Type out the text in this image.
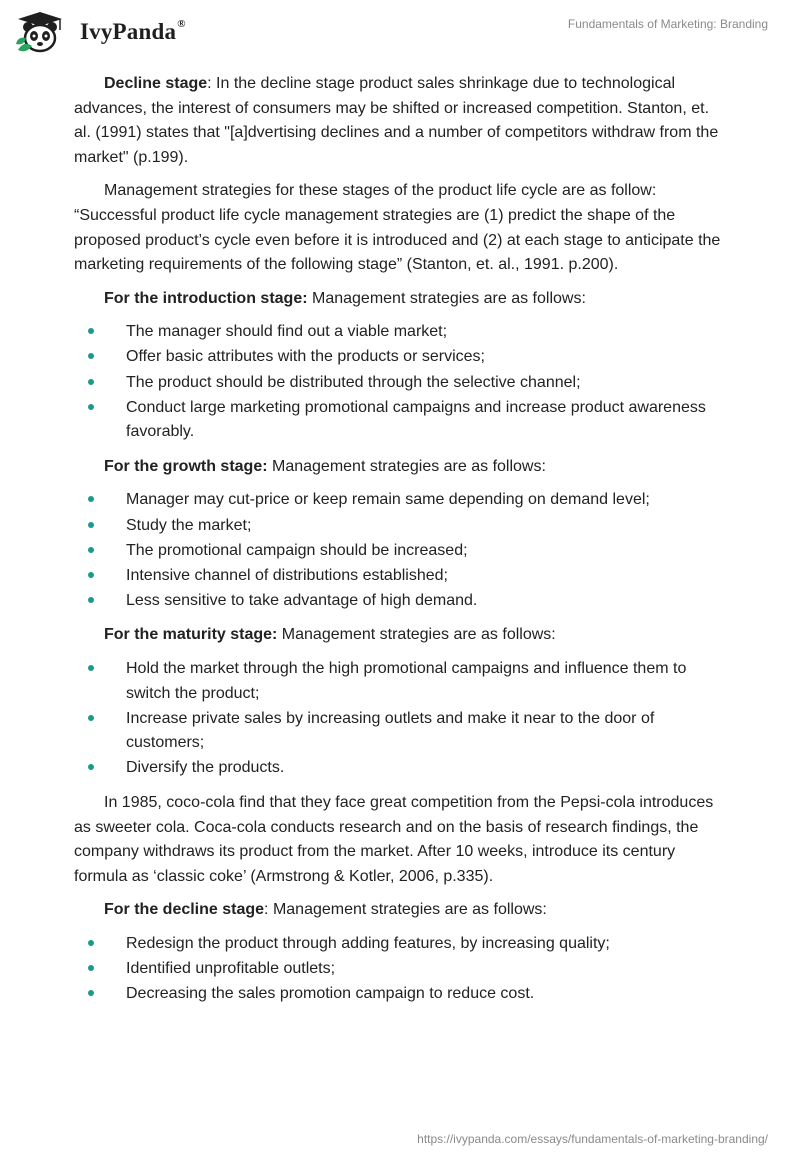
IvyPanda®	Fundamentals of Marketing: Branding

Decline stage: In the decline stage product sales shrinkage due to technological advances, the interest of consumers may be shifted or increased competition. Stanton, et. al. (1991) states that "[a]dvertising declines and a number of competitors withdraw from the market" (p.199).

Management strategies for these stages of the product life cycle are as follow: “Successful product life cycle management strategies are (1) predict the shape of the proposed product’s cycle even before it is introduced and (2) at each stage to anticipate the marketing requirements of the following stage” (Stanton, et. al., 1991. p.200).

For the introduction stage: Management strategies are as follows:

The manager should find out a viable market;
Offer basic attributes with the products or services;
The product should be distributed through the selective channel;
Conduct large marketing promotional campaigns and increase product awareness favorably.

For the growth stage: Management strategies are as follows:

Manager may cut-price or keep remain same depending on demand level;
Study the market;
The promotional campaign should be increased;
Intensive channel of distributions established;
Less sensitive to take advantage of high demand.

For the maturity stage: Management strategies are as follows:

Hold the market through the high promotional campaigns and influence them to switch the product;
Increase private sales by increasing outlets and make it near to the door of customers;
Diversify the products.

In 1985, coco-cola find that they face great competition from the Pepsi-cola introduces as sweeter cola. Coca-cola conducts research and on the basis of research findings, the company withdraws its product from the market. After 10 weeks, introduce its century formula as ‘classic coke’ (Armstrong & Kotler, 2006, p.335).

For the decline stage: Management strategies are as follows:

Redesign the product through adding features, by increasing quality;
Identified unprofitable outlets;
Decreasing the sales promotion campaign to reduce cost.
https://ivypanda.com/essays/fundamentals-of-marketing-branding/
